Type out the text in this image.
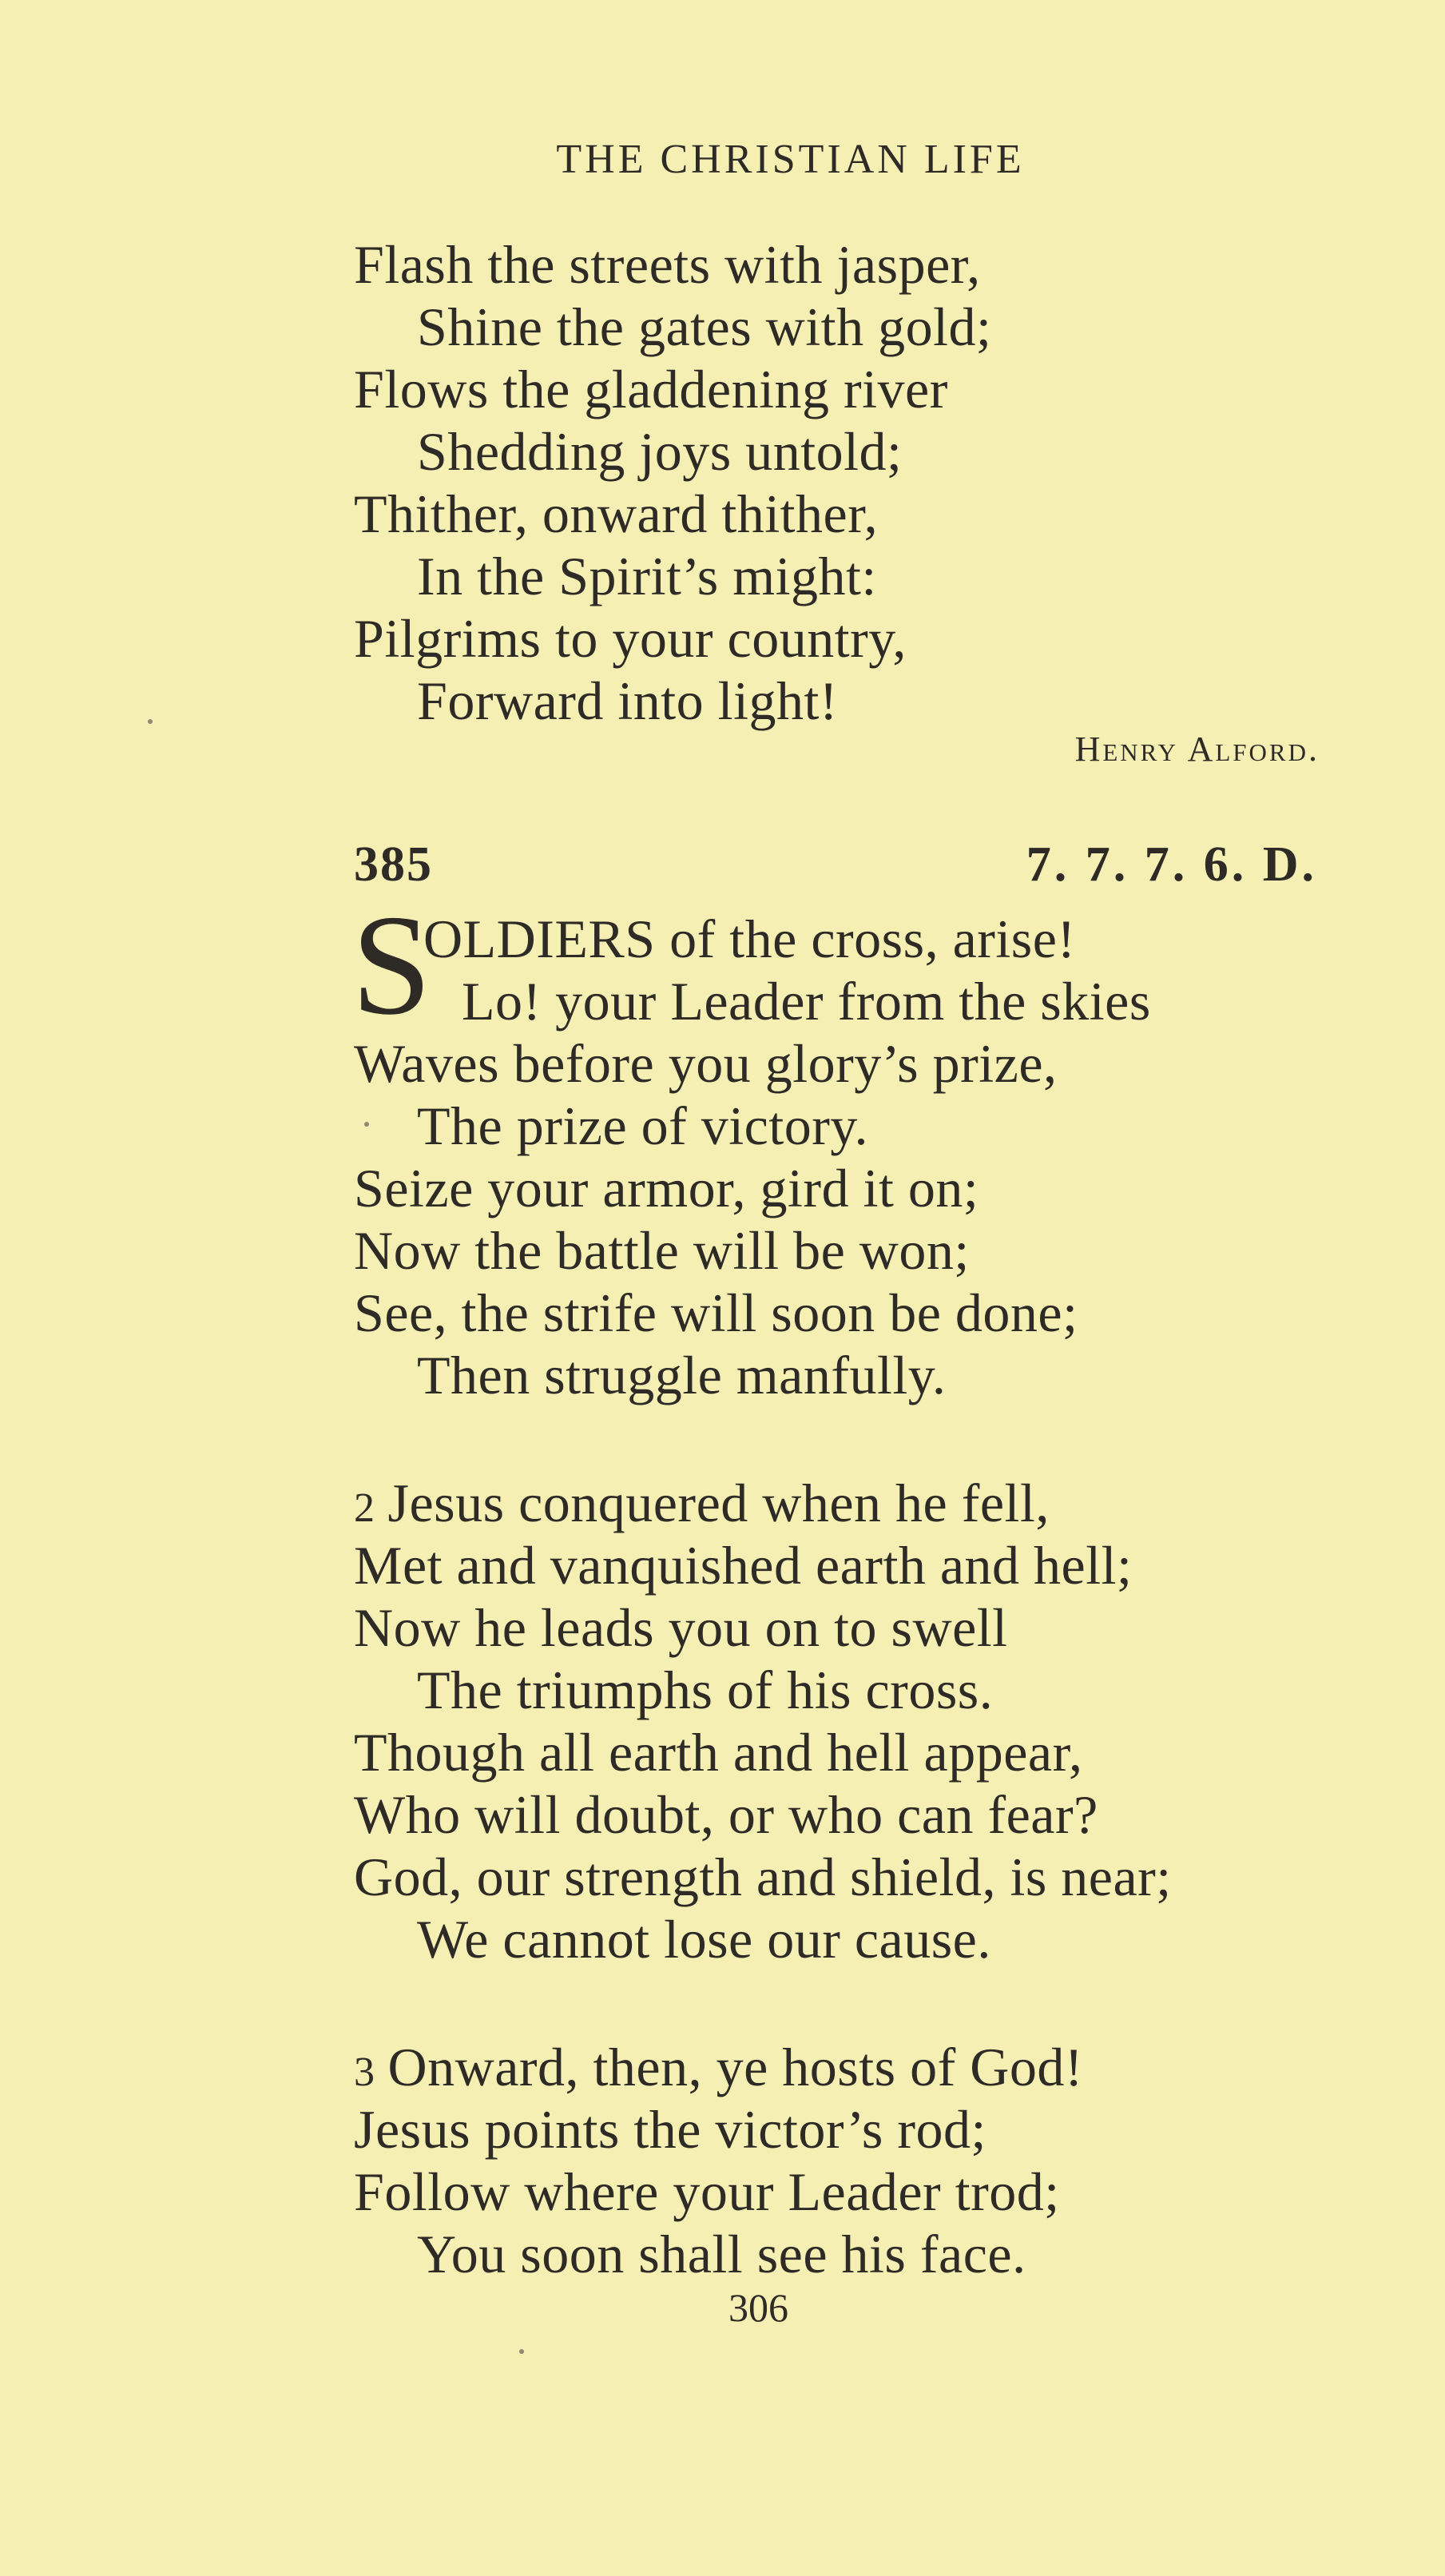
THE CHRISTIAN LIFE
Flash the streets with jasper,
Shine the gates with gold;
Flows the gladdening river
Shedding joys untold;
Thither, onward thither,
In the Spirit’s might:
Pilgrims to your country,
Forward into light!
Henry Alford.
385	7. 7. 7. 6. D.
S
OLDIERS of the cross, arise!
Lo! your Leader from the skies
Waves before you glory’s prize,
The prize of victory.
Seize your armor, gird it on;
Now the battle will be won;
See, the strife will soon be done;
Then struggle manfully.
2 Jesus conquered when he fell,
Met and vanquished earth and hell;
Now he leads you on to swell
The triumphs of his cross.
Though all earth and hell appear,
Who will doubt, or who can fear?
God, our strength and shield, is near;
We cannot lose our cause.
3 Onward, then, ye hosts of God!
Jesus points the victor’s rod;
Follow where your Leader trod;
You soon shall see his face.
306
